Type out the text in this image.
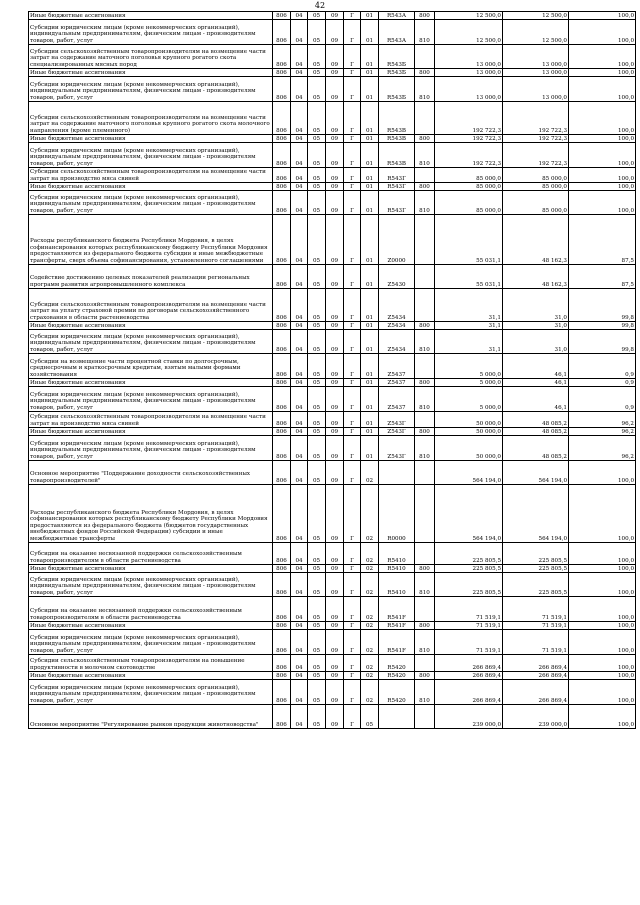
42
Иные бюджетные ассигнования	806	04	05	09	Г	01	R543А	800	12 500,0	12 500,0	100,0
Субсидии юридическим лицам (кроме некоммерческих организаций), индивидуальным предпринимателям, физическим лицам - производителям товаров, работ, услуг	806	04	05	09	Г	01	R543А	810	12 500,0	12 500,0	100,0
Субсидии сельскохозяйственным товаропроизводителям на возмещение части затрат на содержание маточного поголовья крупного рогатого скота специализированных мясных пород	806	04	05	09	Г	01	R543Б		13 000,0	13 000,0	100,0
Иные бюджетные ассигнования	806	04	05	09	Г	01	R543Б	800	13 000,0	13 000,0	100,0
Субсидии юридическим лицам (кроме некоммерческих организаций), индивидуальным предпринимателям, физическим лицам - производителям товаров, работ, услуг	806	04	05	09	Г	01	R543Б	810	13 000,0	13 000,0	100,0
Субсидии сельскохозяйственным товаропроизводителям на возмещение части затрат на содержание маточного поголовья крупного рогатого скота молочного направления (кроме племенного)	806	04	05	09	Г	01	R543В		192 722,3	192 722,3	100,0
Иные бюджетные ассигнования	806	04	05	09	Г	01	R543В	800	192 722,3	192 722,3	100,0
Субсидии юридическим лицам (кроме некоммерческих организаций), индивидуальным предпринимателям, физическим лицам - производителям товаров, работ, услуг	806	04	05	09	Г	01	R543В	810	192 722,3	192 722,3	100,0
Субсидии сельскохозяйственным товаропроизводителям на возмещение части затрат на производство мяса свиней	806	04	05	09	Г	01	R543Г		85 000,0	85 000,0	100,0
Иные бюджетные ассигнования	806	04	05	09	Г	01	R543Г	800	85 000,0	85 000,0	100,0
Субсидии юридическим лицам (кроме некоммерческих организаций), индивидуальным предпринимателям, физическим лицам - производителям товаров, работ, услуг	806	04	05	09	Г	01	R543Г	810	85 000,0	85 000,0	100,0
Расходы республиканского бюджета Республики Мордовия, в целях софинансирования которых республиканскому бюджету Республики Мордовия предоставляются из федерального бюджета субсидии и иные межбюджетные трансферты, сверх объема софинансирования, установленного соглашениями	806	04	05	09	Г	01	Z0000		55 031,1	48 162,3	87,5
Содействие достижению целевых показателей реализации региональных программ развития агропромышленного комплекса	806	04	05	09	Г	01	Z5430		55 031,1	48 162,3	87,5
Субсидии сельскохозяйственным товаропроизводителям на возмещение части затрат на уплату страховой премии по договорам сельскохозяйственного страхования в области растениеводства	806	04	05	09	Г	01	Z5434		31,1	31,0	99,8
Иные бюджетные ассигнования	806	04	05	09	Г	01	Z5434	800	31,1	31,0	99,8
Субсидии юридическим лицам (кроме некоммерческих организаций), индивидуальным предпринимателям, физическим лицам - производителям товаров, работ, услуг	806	04	05	09	Г	01	Z5434	810	31,1	31,0	99,8
Субсидии на возмещение части процентной ставки по долгосрочным, среднесрочным и краткосрочным кредитам, взятым малыми формами хозяйствования	806	04	05	09	Г	01	Z5437		5 000,0	46,1	0,9
Иные бюджетные ассигнования	806	04	05	09	Г	01	Z5437	800	5 000,0	46,1	0,9
Субсидии юридическим лицам (кроме некоммерческих организаций), индивидуальным предпринимателям, физическим лицам - производителям товаров, работ, услуг	806	04	05	09	Г	01	Z5437	810	5 000,0	46,1	0,9
Субсидии сельскохозяйственным товаропроизводителям на возмещение части затрат на производство мяса свиней	806	04	05	09	Г	01	Z543Г		50 000,0	48 085,2	96,2
Иные бюджетные ассигнования	806	04	05	09	Г	01	Z543Г	800	50 000,0	48 085,2	96,2
Субсидии юридическим лицам (кроме некоммерческих организаций), индивидуальным предпринимателям, физическим лицам - производителям товаров, работ, услуг	806	04	05	09	Г	01	Z543Г	810	50 000,0	48 085,2	96,2
Основное мероприятие "Поддержание доходности сельскохозяйственных товаропроизводителей"	806	04	05	09	Г	02			564 194,0	564 194,0	100,0
Расходы республиканского бюджета Республики Мордовия, в целях софинансирования которых республиканскому бюджету Республики Мордовия предоставляются из федерального бюджета (бюджетов государственных внебюджетных фондов Российской Федерации) субсидии и иные межбюджетные трансферты	806	04	05	09	Г	02	R0000		564 194,0	564 194,0	100,0
Субсидии на оказание несвязанной поддержки сельскохозяйственным товаропроизводителям в области растениеводства	806	04	05	09	Г	02	R5410		225 805,5	225 805,5	100,0
Иные бюджетные ассигнования	806	04	05	09	Г	02	R5410	800	225 805,5	225 805,5	100,0
Субсидии юридическим лицам (кроме некоммерческих организаций), индивидуальным предпринимателям, физическим лицам - производителям товаров, работ, услуг	806	04	05	09	Г	02	R5410	810	225 805,5	225 805,5	100,0
Субсидии на оказание несвязанной поддержки сельскохозяйственным товаропроизводителям в области растениеводства	806	04	05	09	Г	02	R541F		71 519,1	71 519,1	100,0
Иные бюджетные ассигнования	806	04	05	09	Г	02	R541F	800	71 519,1	71 519,1	100,0
Субсидии юридическим лицам (кроме некоммерческих организаций), индивидуальным предпринимателям, физическим лицам - производителям товаров, работ, услуг	806	04	05	09	Г	02	R541F	810	71 519,1	71 519,1	100,0
Субсидии сельскохозяйственным товаропроизводителям на повышение продуктивности в молочном скотоводстве	806	04	05	09	Г	02	R5420		266 869,4	266 869,4	100,0
Иные бюджетные ассигнования	806	04	05	09	Г	02	R5420	800	266 869,4	266 869,4	100,0
Субсидии юридическим лицам (кроме некоммерческих организаций), индивидуальным предпринимателям, физическим лицам - производителям товаров, работ, услуг	806	04	05	09	Г	02	R5420	810	266 869,4	266 869,4	100,0
Основное мероприятие "Регулирование рынков продукции животноводства"	806	04	05	09	Г	05			239 000,0	239 000,0	100,0
